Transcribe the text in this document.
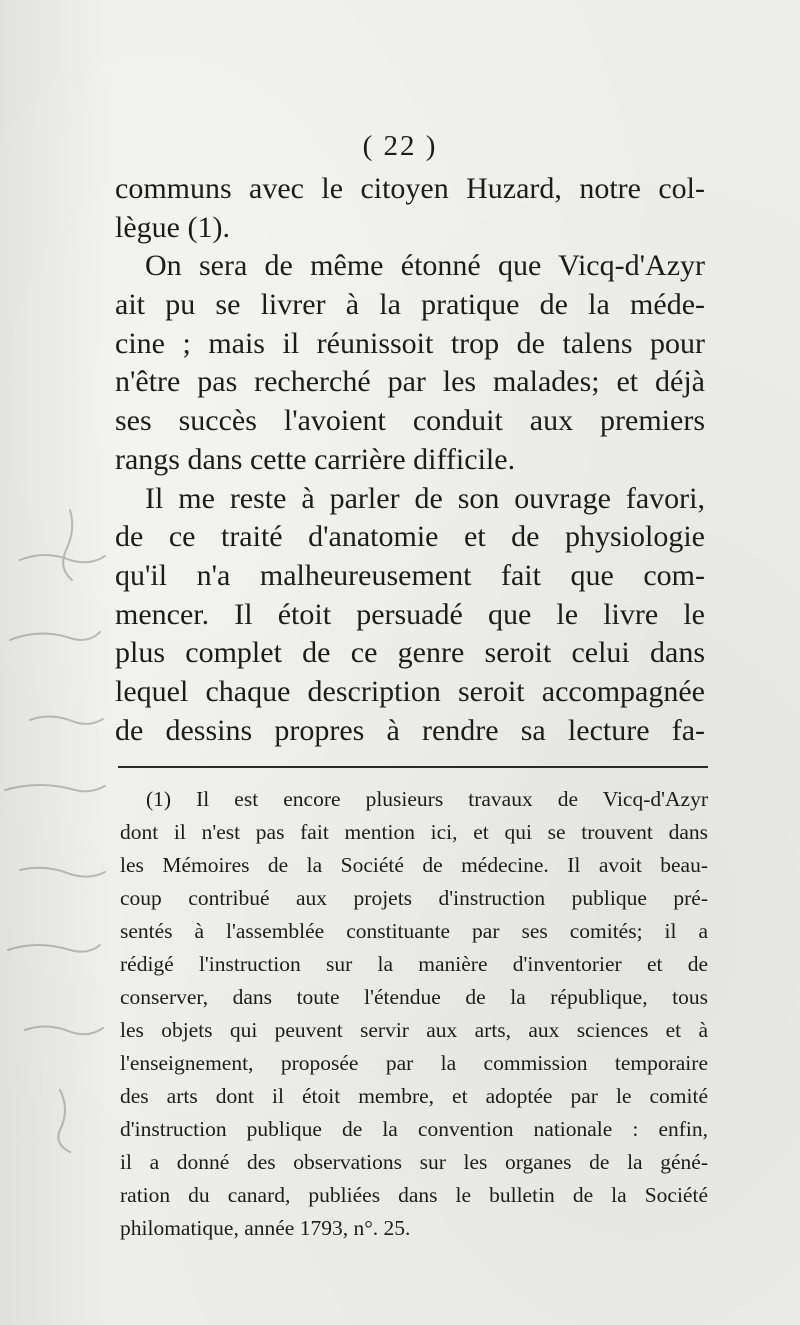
( 22 )
communs avec le citoyen Huzard, notre col-
lègue (1).
On sera de même étonné que Vicq-d'Azyr
ait pu se livrer à la pratique de la méde-
cine ; mais il réunissoit trop de talens pour
n'être pas recherché par les malades; et déjà
ses succès l'avoient conduit aux premiers
rangs dans cette carrière difficile.
Il me reste à parler de son ouvrage favori,
de ce traité d'anatomie et de physiologie
qu'il n'a malheureusement fait que com-
mencer. Il étoit persuadé que le livre le
plus complet de ce genre seroit celui dans
lequel chaque description seroit accompagnée
de dessins propres à rendre sa lecture fa-
(1) Il est encore plusieurs travaux de Vicq-d'Azyr
dont il n'est pas fait mention ici, et qui se trouvent dans
les Mémoires de la Société de médecine. Il avoit beau-
coup contribué aux projets d'instruction publique pré-
sentés à l'assemblée constituante par ses comités; il a
rédigé l'instruction sur la manière d'inventorier et de
conserver, dans toute l'étendue de la république, tous
les objets qui peuvent servir aux arts, aux sciences et à
l'enseignement, proposée par la commission temporaire
des arts dont il étoit membre, et adoptée par le comité
d'instruction publique de la convention nationale : enfin,
il a donné des observations sur les organes de la géné-
ration du canard, publiées dans le bulletin de la Société
philomatique, année 1793, n°. 25.
